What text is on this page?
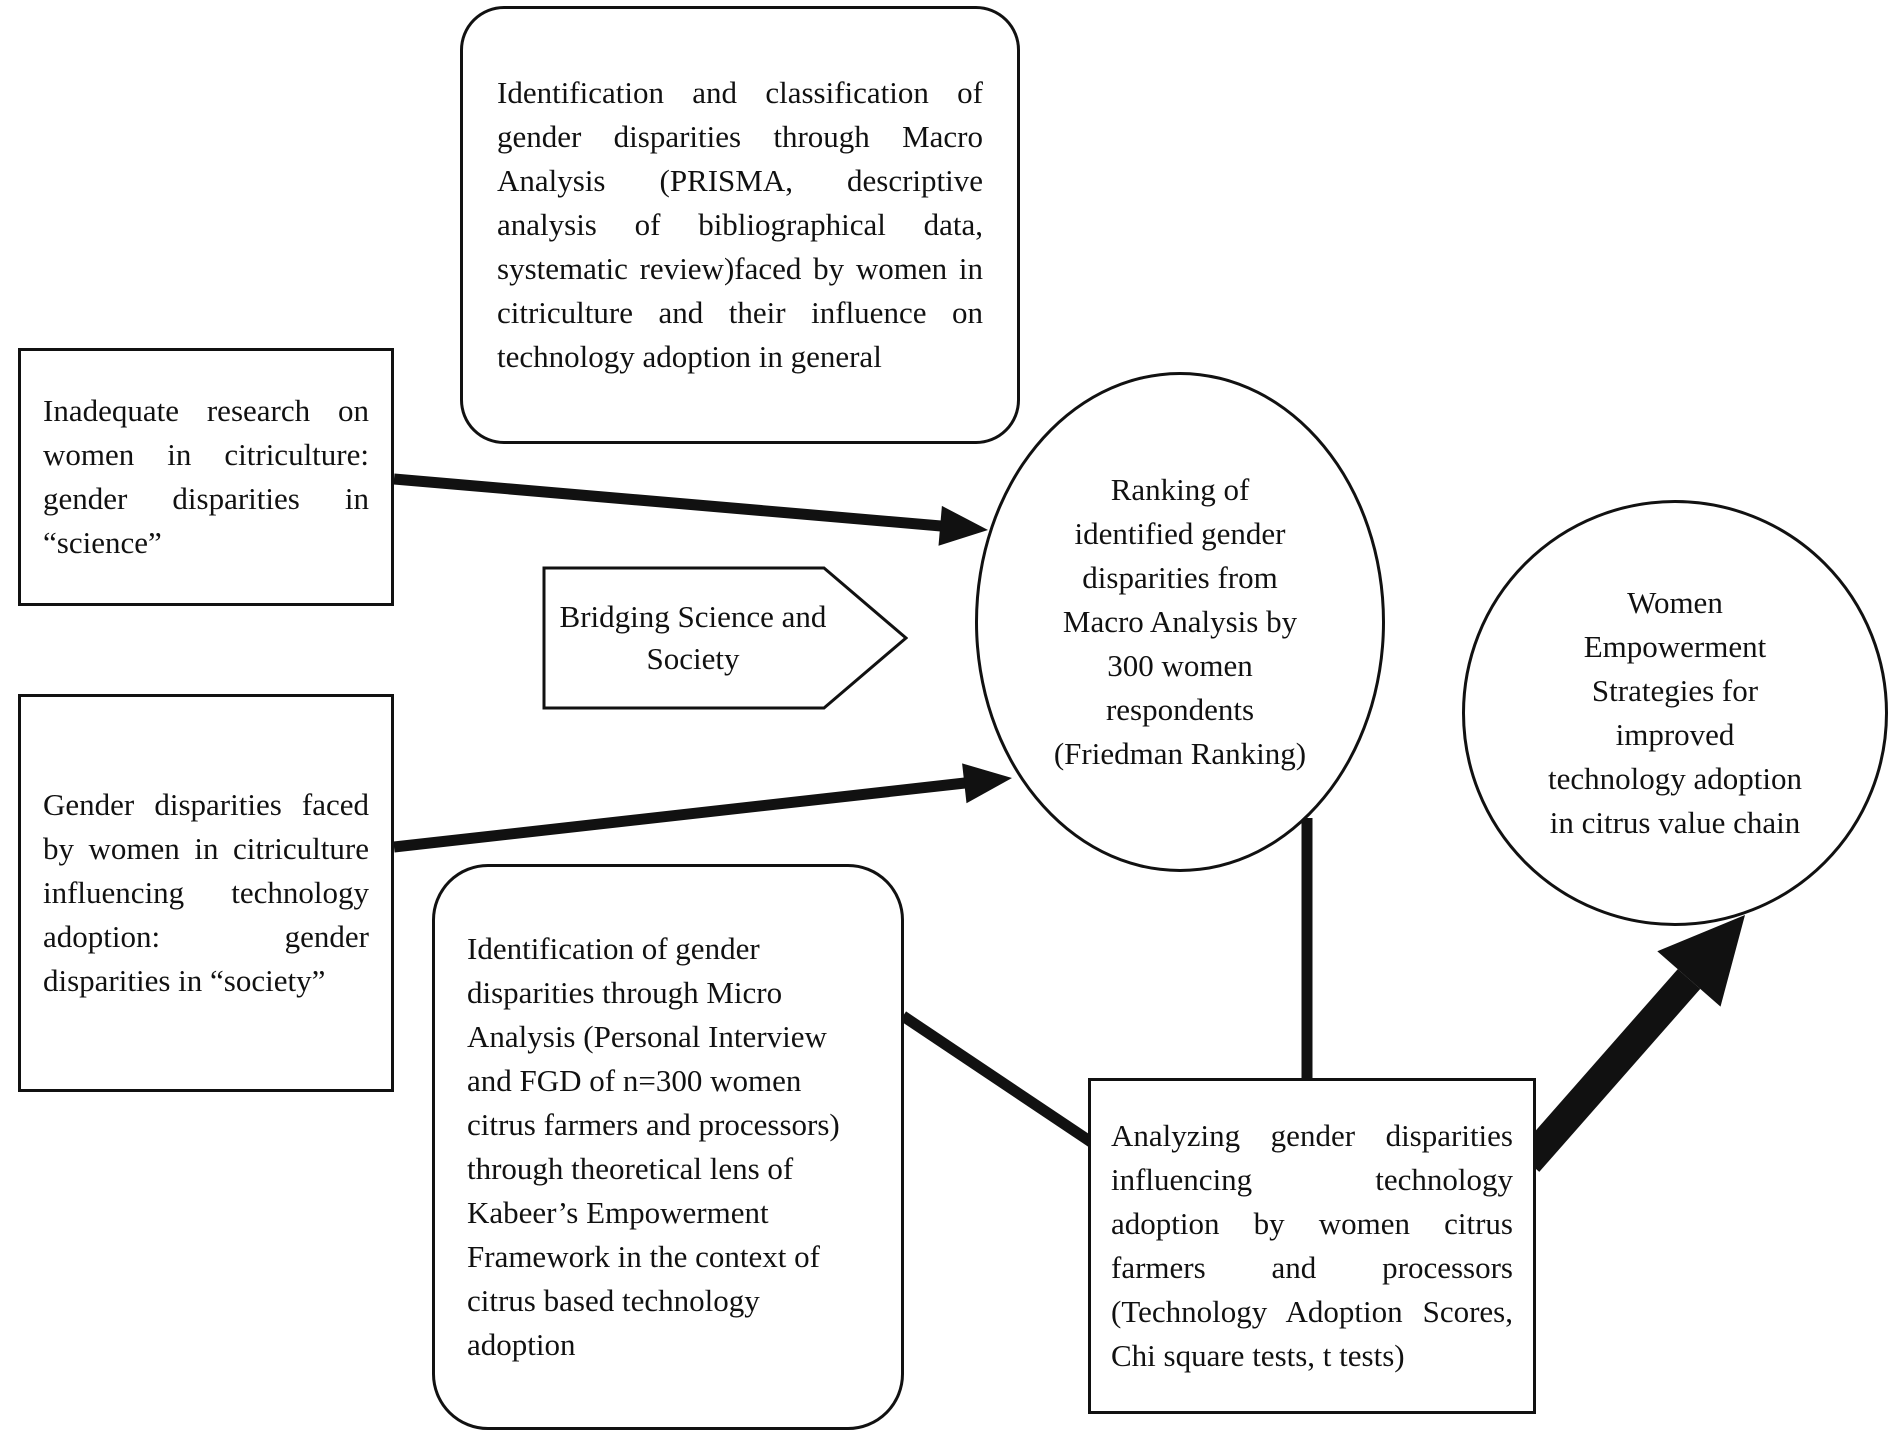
Identification and classification of gender disparities through Macro Analysis (PRISMA, descriptive analysis of bibliographical data, systematic review)faced by women in citriculture and their influence on technology adoption in general
Inadequate research on women in citriculture: gender disparities in “science”
Gender disparities faced by women in citriculture influencing technology adoption: gender disparities in “society”
Bridging Science and Society
Ranking of identified gender disparities from Macro Analysis by 300 women respondents (Friedman Ranking)
Women Empowerment Strategies for improved technology adoption in citrus value chain
Identification of gender disparities through Micro Analysis (Personal Interview and FGD of n=300 women citrus farmers and processors) through theoretical lens of Kabeer’s Empowerment Framework in the context of citrus based technology adoption
Analyzing gender disparities influencing technology adoption by women citrus farmers and processors (Technology Adoption Scores, Chi square tests, t tests)
